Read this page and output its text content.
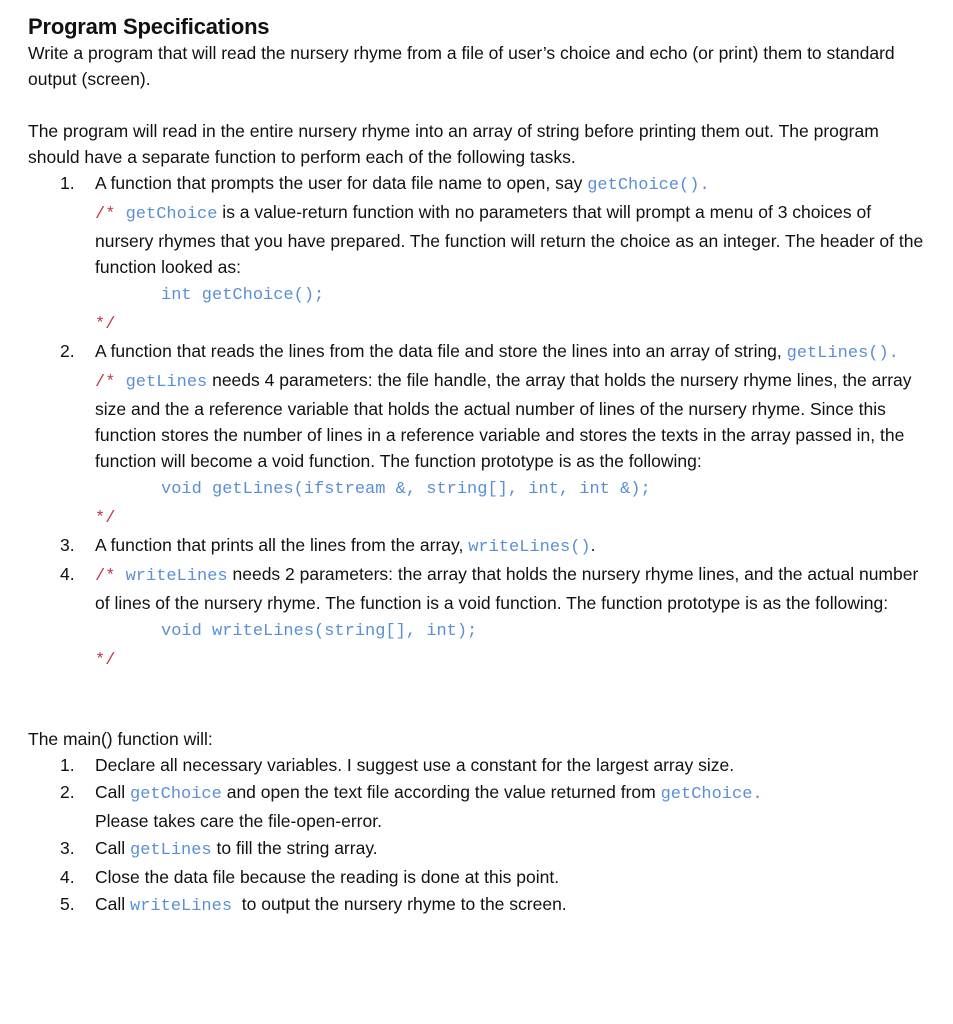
Program Specifications
Write a program that will read the nursery rhyme from a file of user’s choice and echo (or print) them to standard output (screen).
The program will read in the entire nursery rhyme into an array of string before printing them out. The program should have a separate function to perform each of the following tasks.
1. A function that prompts the user for data file name to open, say getChoice().
/* getChoice is a value-return function with no parameters that will prompt a menu of 3 choices of nursery rhymes that you have prepared. The function will return the choice as an integer. The header of the function looked as:
int getChoice();
*/
2. A function that reads the lines from the data file and store the lines into an array of string, getLines().
/* getLines needs 4 parameters: the file handle, the array that holds the nursery rhyme lines, the array size and the a reference variable that holds the actual number of lines of the nursery rhyme. Since this function stores the number of lines in a reference variable and stores the texts in the array passed in, the function will become a void function. The function prototype is as the following:
void getLines(ifstream &, string[], int, int &);
*/
3. A function that prints all the lines from the array, writeLines().
4. /* writeLines needs 2 parameters: the array that holds the nursery rhyme lines, and the actual number of lines of the nursery rhyme. The function is a void function. The function prototype is as the following:
void writeLines(string[], int);
*/
The main() function will:
1. Declare all necessary variables. I suggest use a constant for the largest array size.
2. Call getChoice and open the text file according the value returned from getChoice.
Please takes care the file-open-error.
3. Call getLines to fill the string array.
4. Close the data file because the reading is done at this point.
5. Call writeLines  to output the nursery rhyme to the screen.
